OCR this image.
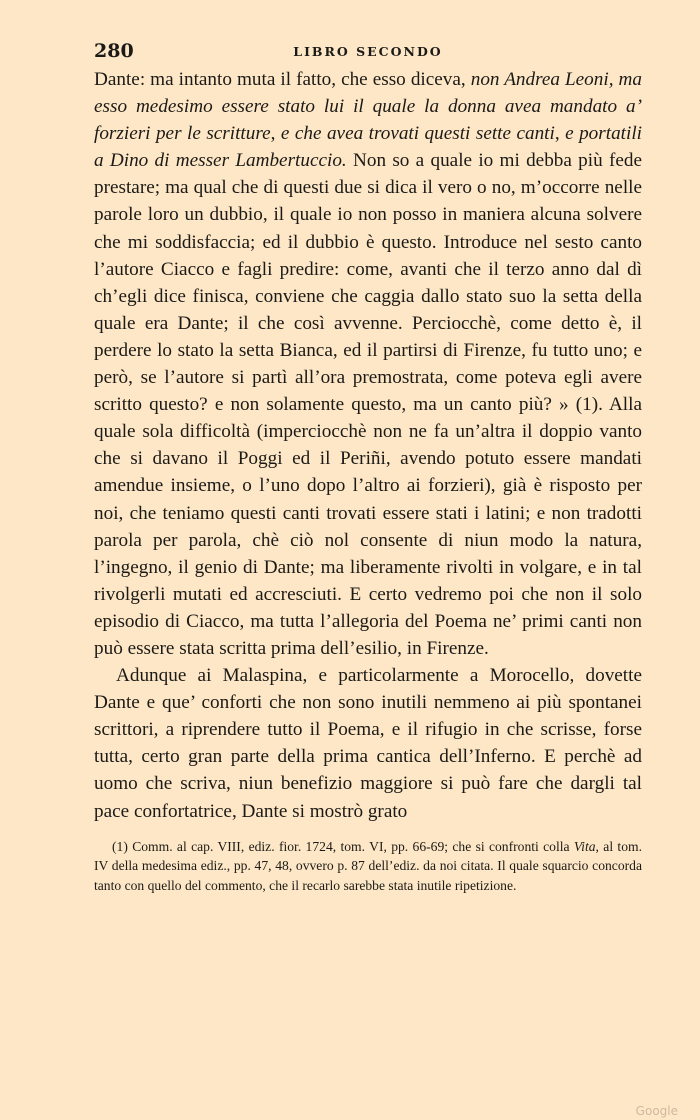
280	LIBRO SECONDO

Dante: ma intanto muta il fatto, che esso diceva, non Andrea Leoni, ma esso medesimo essere stato lui il quale la donna avea mandato a’ forzieri per le scritture, e che avea trovati questi sette canti, e portatili a Dino di messer Lambertuccio. Non so a quale io mi debba più fede prestare; ma qual che di questi due si dica il vero o no, m’occorre nelle parole loro un dubbio, il quale io non posso in maniera alcuna solvere che mi soddisfaccia; ed il dubbio è questo. Introduce nel sesto canto l’autore Ciacco e fagli predire: come, avanti che il terzo anno dal dì ch’egli dice finisca, conviene che caggia dallo stato suo la setta della quale era Dante; il che così avvenne. Perciocchè, come detto è, il perdere lo stato la setta Bianca, ed il partirsi di Firenze, fu tutto uno; e però, se l’autore si partì all’ora premostrata, come poteva egli avere scritto questo? e non solamente questo, ma un canto più? » (1). Alla quale sola difficoltà (imperciocchè non ne fa un’altra il doppio vanto che si davano il Poggi ed il Periñi, avendo potuto essere mandati amendue insieme, o l’uno dopo l’altro ai forzieri), già è risposto per noi, che teniamo questi canti trovati essere stati i latini; e non tradotti parola per parola, chè ciò nol consente di niun modo la natura, l’ingegno, il genio di Dante; ma liberamente rivolti in volgare, e in tal rivolgerli mutati ed accresciuti. E certo vedremo poi che non il solo episodio di Ciacco, ma tutta l’allegoria del Poema ne’ primi canti non può essere stata scritta prima dell’esilio, in Firenze.

Adunque ai Malaspina, e particolarmente a Morocello, dovette Dante e que’ conforti che non sono inutili nemmeno ai più spontanei scrittori, a riprendere tutto il Poema, e il rifugio in che scrisse, forse tutta, certo gran parte della prima cantica dell’Inferno. E perchè ad uomo che scriva, niun benefizio maggiore si può fare che dargli tal pace confortatrice, Dante si mostrò grato

(1) Comm. al cap. VIII, ediz. fior. 1724, tom. VI, pp. 66-69; che si confronti colla Vita, al tom. IV della medesima ediz., pp. 47, 48, ovvero p. 87 dell’ediz. da noi citata. Il quale squarcio concorda tanto con quello del commento, che il recarlo sarebbe stata inutile ripetizione.

Google
